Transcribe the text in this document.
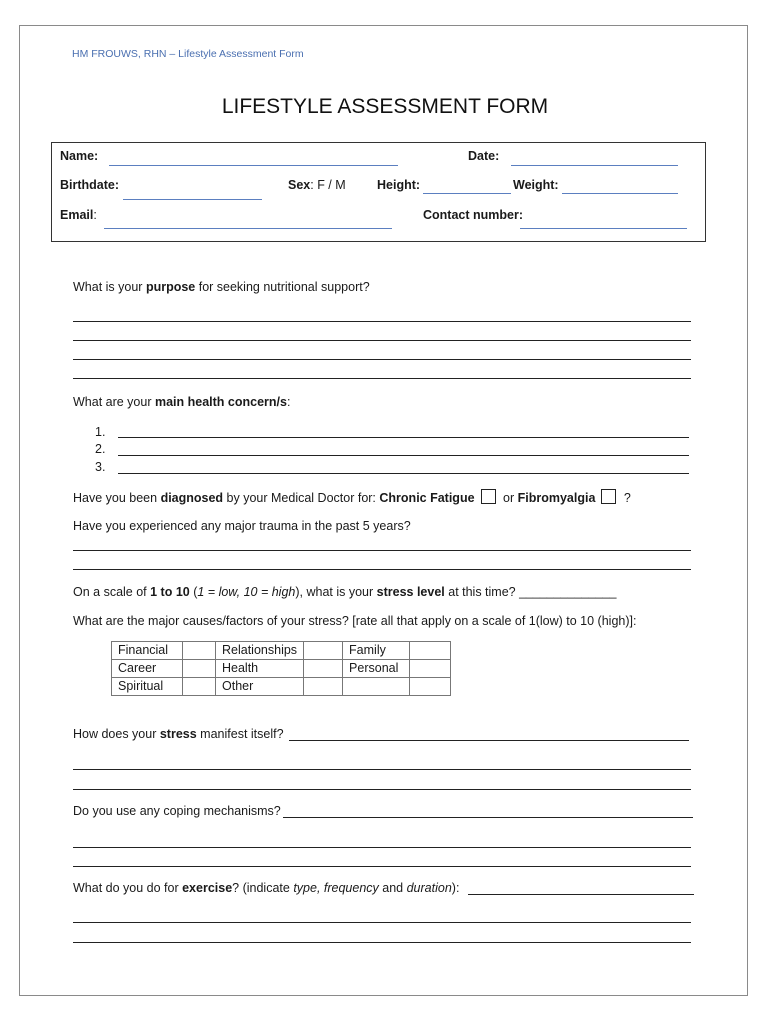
HM FROUWS, RHN – Lifestyle Assessment Form
LIFESTYLE ASSESSMENT FORM
Name:	Date:
Birthdate:	Sex: F / M	Height:	Weight:
Email:	Contact number:
What is your purpose for seeking nutritional support?
What are your main health concern/s:
1.
2.
3.
Have you been diagnosed by your Medical Doctor for: Chronic Fatigue or Fibromyalgia ?
Have you experienced any major trauma in the past 5 years?
On a scale of 1 to 10 (1 = low, 10 = high), what is your stress level at this time? ______________
What are the major causes/factors of your stress? [rate all that apply on a scale of 1(low) to 10 (high)]:
Financial		Relationships		Family	
Career		Health		Personal	
Spiritual		Other			
How does your stress manifest itself?
Do you use any coping mechanisms?
What do you do for exercise? (indicate type, frequency and duration):
